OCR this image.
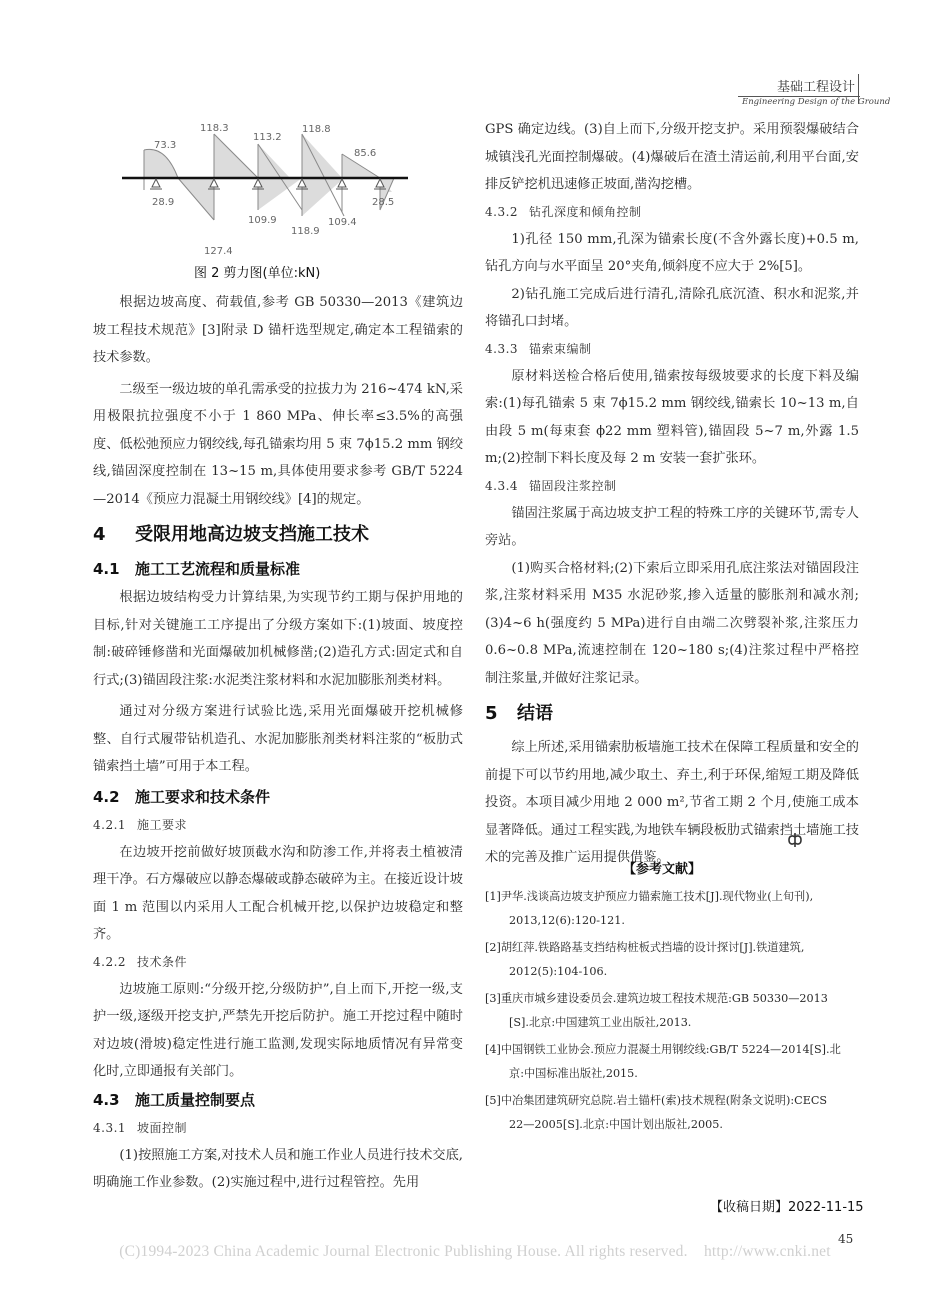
基础工程设计
Engineering Design of the Ground
73.3
118.3
113.2
118.8
85.6
28.9
127.4
109.9
118.9
109.4
28.5
图 2 剪力图(单位:kN)

根据边坡高度、荷载值,参考 GB 50330—2013《建筑边坡工程技术规范》[3]附录 D 锚杆选型规定,确定本工程锚索的技术参数。

二级至一级边坡的单孔需承受的拉拔力为 216~474 kN,采用极限抗拉强度不小于 1 860 MPa、伸长率≤3.5%的高强度、低松弛预应力钢绞线,每孔锚索均用 5 束 7ϕ15.2 mm 钢绞线,锚固深度控制在 13~15 m,具体使用要求参考 GB/T 5224—2014《预应力混凝土用钢绞线》[4]的规定。

4 受限用地高边坡支挡施工技术
4.1 施工工艺流程和质量标准

根据边坡结构受力计算结果,为实现节约工期与保护用地的目标,针对关键施工工序提出了分级方案如下:(1)坡面、坡度控制:破碎锤修凿和光面爆破加机械修凿;(2)造孔方式:固定式和自行式;(3)锚固段注浆:水泥类注浆材料和水泥加膨胀剂类材料。

通过对分级方案进行试验比选,采用光面爆破开挖机械修整、自行式履带钻机造孔、水泥加膨胀剂类材料注浆的“板肋式锚索挡土墙”可用于本工程。

4.2 施工要求和技术条件
4.2.1 施工要求

在边坡开挖前做好坡顶截水沟和防渗工作,并将表土植被清理干净。石方爆破应以静态爆破或静态破碎为主。在接近设计坡面 1 m 范围以内采用人工配合机械开挖,以保护边坡稳定和整齐。

4.2.2 技术条件

边坡施工原则:“分级开挖,分级防护”,自上而下,开挖一级,支护一级,逐级开挖支护,严禁先开挖后防护。施工开挖过程中随时对边坡(滑坡)稳定性进行施工监测,发现实际地质情况有异常变化时,立即通报有关部门。

4.3 施工质量控制要点
4.3.1 坡面控制

(1)按照施工方案,对技术人员和施工作业人员进行技术交底,明确施工作业参数。(2)实施过程中,进行过程管控。先用

GPS 确定边线。(3)自上而下,分级开挖支护。采用预裂爆破结合城镇浅孔光面控制爆破。(4)爆破后在渣土清运前,利用平台面,安排反铲挖机迅速修正坡面,凿沟挖槽。

4.3.2 钻孔深度和倾角控制

1)孔径 150 mm,孔深为锚索长度(不含外露长度)+0.5 m,钻孔方向与水平面呈 20°夹角,倾斜度不应大于 2%[5]。

2)钻孔施工完成后进行清孔,清除孔底沉渣、积水和泥浆,并将锚孔口封堵。

4.3.3 锚索束编制

原材料送检合格后使用,锚索按每级坡要求的长度下料及编索:(1)每孔锚索 5 束 7ϕ15.2 mm 钢绞线,锚索长 10~13 m,自由段 5 m(每束套 ϕ22 mm 塑料管),锚固段 5~7 m,外露 1.5 m;(2)控制下料长度及每 2 m 安装一套扩张环。

4.3.4 锚固段注浆控制

锚固注浆属于高边坡支护工程的特殊工序的关键环节,需专人旁站。

(1)购买合格材料;(2)下索后立即采用孔底注浆法对锚固段注浆,注浆材料采用 M35 水泥砂浆,掺入适量的膨胀剂和减水剂;(3)4~6 h(强度约 5 MPa)进行自由端二次劈裂补浆,注浆压力 0.6~0.8 MPa,流速控制在 120~180 s;(4)注浆过程中严格控制注浆量,并做好注浆记录。

5 结语

综上所述,采用锚索肋板墙施工技术在保障工程质量和安全的前提下可以节约用地,减少取土、弃土,利于环保,缩短工期及降低投资。本项目减少用地 2 000 m²,节省工期 2 个月,使施工成本显著降低。通过工程实践,为地铁车辆段板肋式锚索挡土墙施工技术的完善及推广运用提供借鉴。

【参考文献】
[1]尹华.浅谈高边坡支护预应力锚索施工技术[J].现代物业(上旬刊),
2013,12(6):120-121.
[2]胡红萍.铁路路基支挡结构桩板式挡墙的设计探讨[J].铁道建筑,
2012(5):104-106.
[3]重庆市城乡建设委员会.建筑边坡工程技术规范:GB 50330—2013
[S].北京:中国建筑工业出版社,2013.
[4]中国钢铁工业协会.预应力混凝土用钢绞线:GB/T 5224—2014[S].北
京:中国标准出版社,2015.
[5]中冶集团建筑研究总院.岩土锚杆(索)技术规程(附条文说明):CECS
22—2005[S].北京:中国计划出版社,2005.
【收稿日期】2022-11-15
45
(C)1994-2023 China Academic Journal Electronic Publishing House. All rights reserved.    http://www.cnki.net
